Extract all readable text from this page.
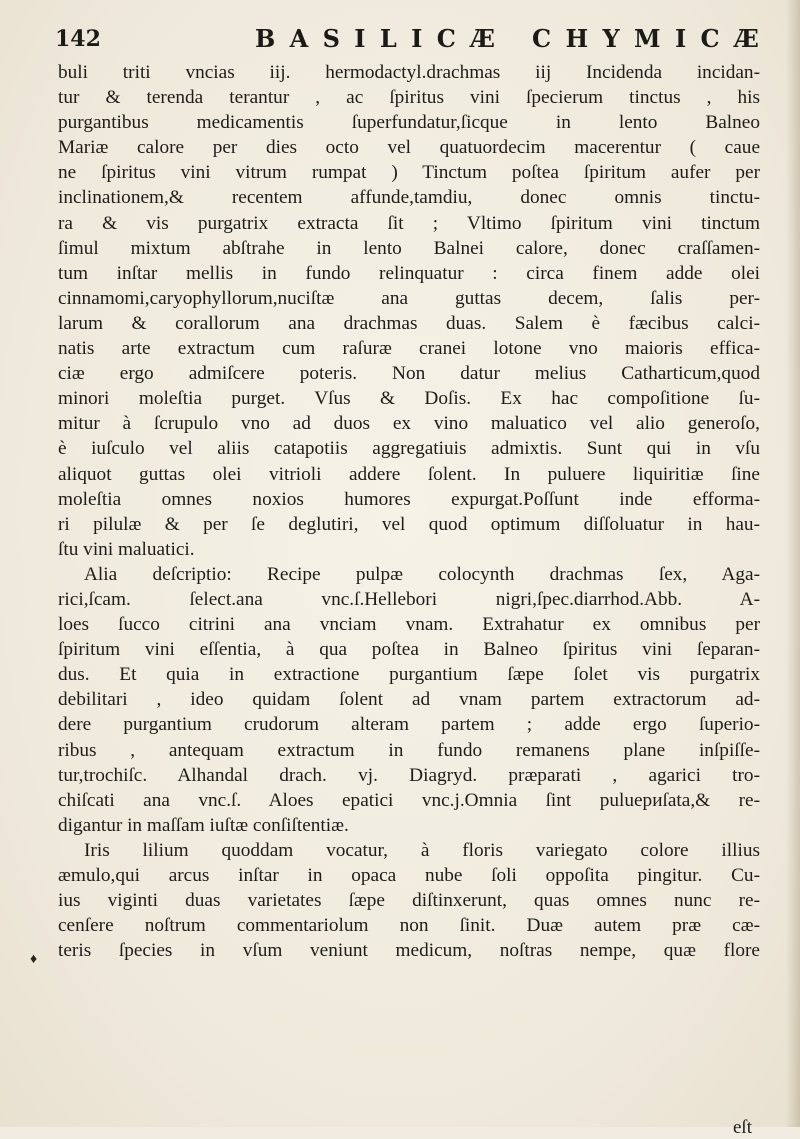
142	B A S I L I C Æ   C H Y M I C Æ
buli triti vncias iij. hermodactyl.drachmas iij Incidenda incidan-
tur & terenda terantur , ac ſpiritus vini ſpecierum tinctus , his
purgantibus medicamentis ſuperfundatur,ſicque in lento Balneo
Mariæ calore per dies octo vel quatuordecim macerentur ( caue
ne ſpiritus vini vitrum rumpat ) Tinctum poſtea ſpiritum aufer per
inclinationem,& recentem affunde,tamdiu, donec omnis tinctu-
ra & vis purgatrix extracta ſit ; Vltimo ſpiritum vini tinctum
ſimul mixtum abſtrahe in lento Balnei calore, donec craſſamen-
tum inſtar mellis in fundo relinquatur : circa finem adde olei
cinnamomi,caryophyllorum,nuciſtæ ana guttas decem, ſalis per-
larum & corallorum ana drachmas duas. Salem è fæcibus calci-
natis arte extractum cum raſuræ cranei lotone vno maioris effica-
ciæ ergo admiſcere poteris. Non datur melius Catharticum,quod
minori moleſtia purget. Vſus & Doſis. Ex hac compoſitione ſu-
mitur à ſcrupulo vno ad duos ex vino maluatico vel alio generoſo,
è iuſculo vel aliis catapotiis aggregatiuis admixtis. Sunt qui in vſu
aliquot guttas olei vitrioli addere ſolent. In puluere liquiritiæ ſine
moleſtia omnes noxios humores expurgat.Poſſunt inde efforma-
ri pilulæ & per ſe deglutiri, vel quod optimum diſſoluatur in hau-
ſtu vini maluatici.
Alia deſcriptio: Recipe pulpæ colocynth drachmas ſex, Aga-
rici,ſcam. ſelect.ana vnc.ſ.Hellebori nigri,ſpec.diarrhod.Abb. A-
loes ſucco citrini ana vnciam vnam. Extrahatur ex omnibus per
ſpiritum vini eſſentia, à qua poſtea in Balneo ſpiritus vini ſeparan-
dus. Et quia in extractione purgantium ſæpe ſolet vis purgatrix
debilitari , ideo quidam ſolent ad vnam partem extractorum ad-
dere purgantium crudorum alteram partem ; adde ergo ſuperio-
ribus , antequam extractum in fundo remanens plane inſpiſſe-
tur,trochiſc. Alhandal drach. vj. Diagryd. præparati , agarici tro-
chiſcati ana vnc.ſ. Aloes epatici vnc.j.Omnia ſint puluериſata,& re-
digantur in maſſam iuſtæ conſiſtentiæ.
Iris lilium quoddam vocatur, à floris variegato colore illius
æmulo,qui arcus inſtar in opaca nube ſoli oppoſita pingitur. Cu-
ius viginti duas varietates ſæpe diſtinxerunt, quas omnes nunc re-
cenſere noſtrum commentariolum non ſinit. Duæ autem præ cæ-
teris ſpecies in vſum veniunt medicum, noſtras nempe, quæ flore
♦
eſt
